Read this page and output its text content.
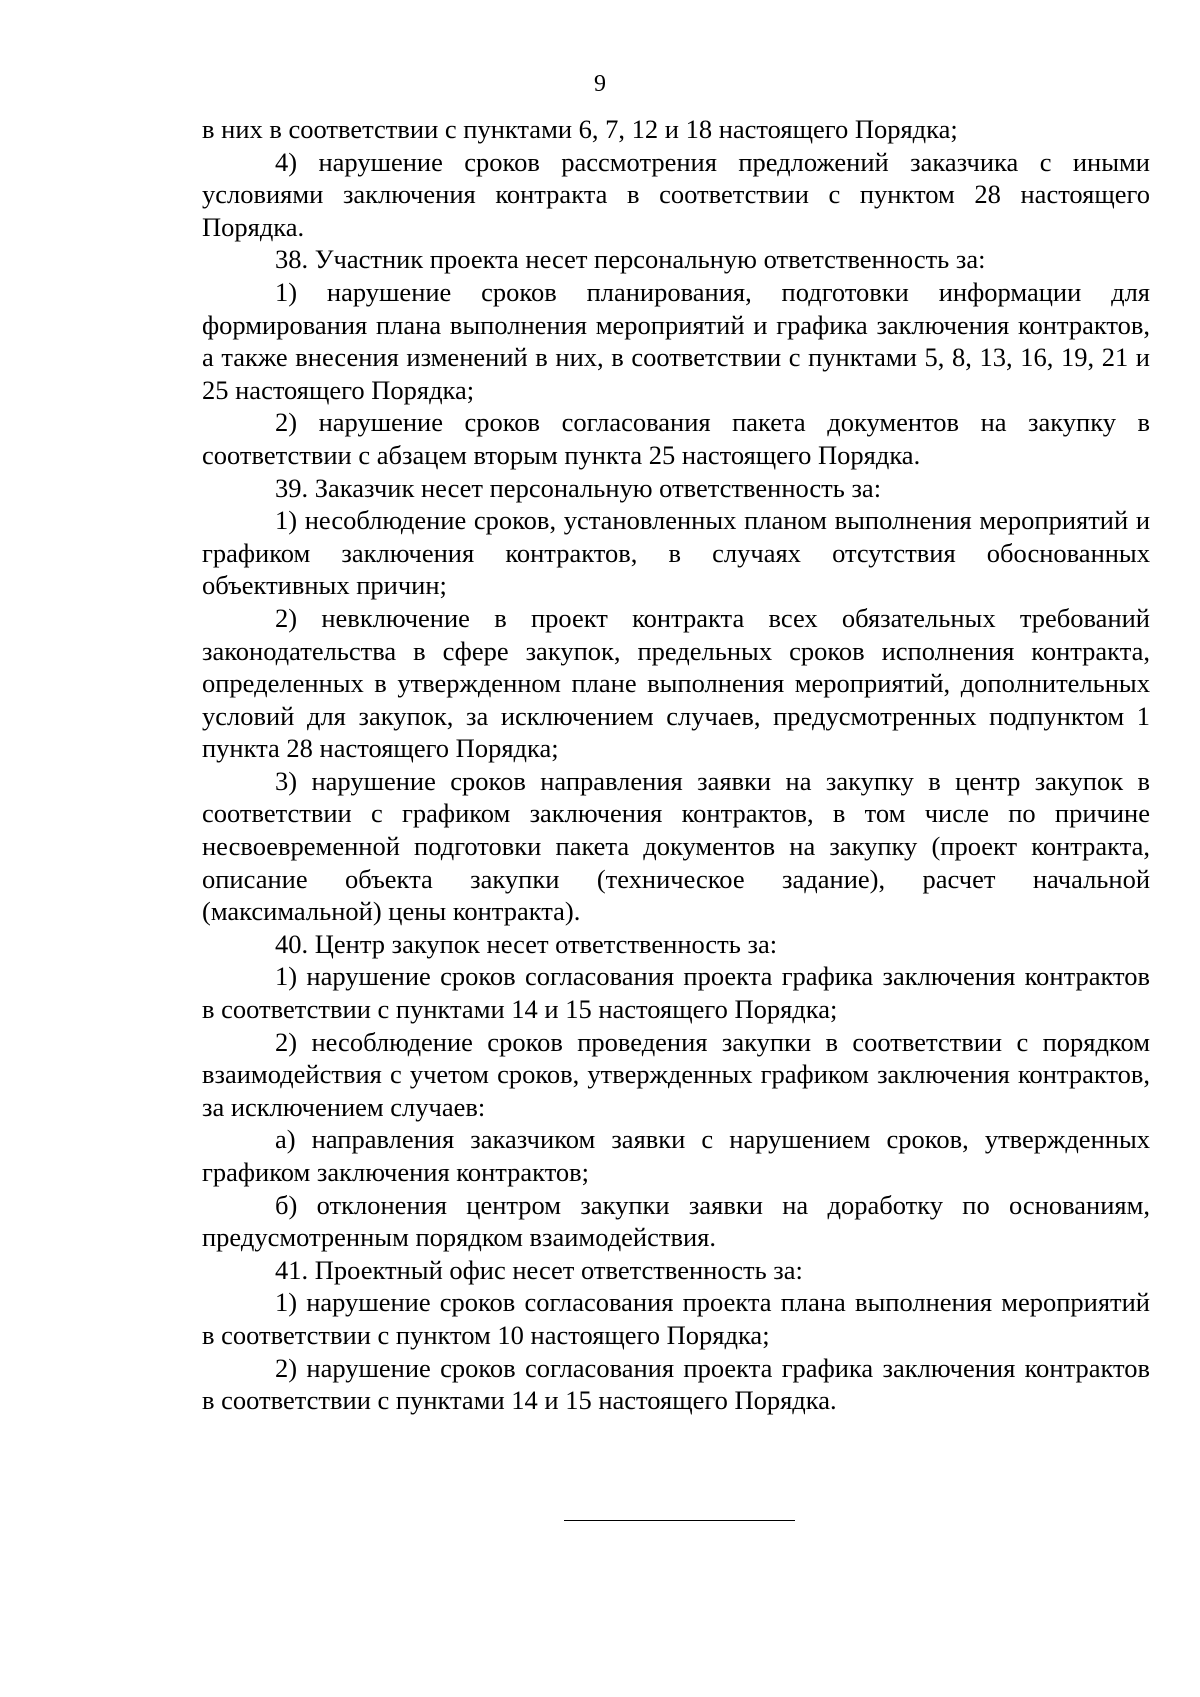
9

в них в соответствии с пунктами 6, 7, 12 и 18 настоящего Порядка;

4) нарушение сроков рассмотрения предложений заказчика с иными условиями заключения контракта в соответствии с пунктом 28 настоящего Порядка.

38. Участник проекта несет персональную ответственность за:

1) нарушение сроков планирования, подготовки информации для формирования плана выполнения мероприятий и графика заключения контрактов, а также внесения изменений в них, в соответствии с пунктами 5, 8, 13, 16, 19, 21 и 25 настоящего Порядка;

2) нарушение сроков согласования пакета документов на закупку в соответствии с абзацем вторым пункта 25 настоящего Порядка.

39. Заказчик несет персональную ответственность за:

1) несоблюдение сроков, установленных планом выполнения мероприятий и графиком заключения контрактов, в случаях отсутствия обоснованных объективных причин;

2) невключение в проект контракта всех обязательных требований законодательства в сфере закупок, предельных сроков исполнения контракта, определенных в утвержденном плане выполнения мероприятий, дополнительных условий для закупок, за исключением случаев, предусмотренных подпунктом 1 пункта 28 настоящего Порядка;

3) нарушение сроков направления заявки на закупку в центр закупок в соответствии с графиком заключения контрактов, в том числе по причине несвоевременной подготовки пакета документов на закупку (проект контракта, описание объекта закупки (техническое задание), расчет начальной (максимальной) цены контракта).

40. Центр закупок несет ответственность за:

1) нарушение сроков согласования проекта графика заключения контрактов в соответствии с пунктами 14 и 15 настоящего Порядка;

2) несоблюдение сроков проведения закупки в соответствии с порядком взаимодействия с учетом сроков, утвержденных графиком заключения контрактов, за исключением случаев:

а) направления заказчиком заявки с нарушением сроков, утвержденных графиком заключения контрактов;

б) отклонения центром закупки заявки на доработку по основаниям, предусмотренным порядком взаимодействия.

41. Проектный офис несет ответственность за:

1) нарушение сроков согласования проекта плана выполнения мероприятий в соответствии с пунктом 10 настоящего Порядка;

2) нарушение сроков согласования проекта графика заключения контрактов в соответствии с пунктами 14 и 15 настоящего Порядка.
